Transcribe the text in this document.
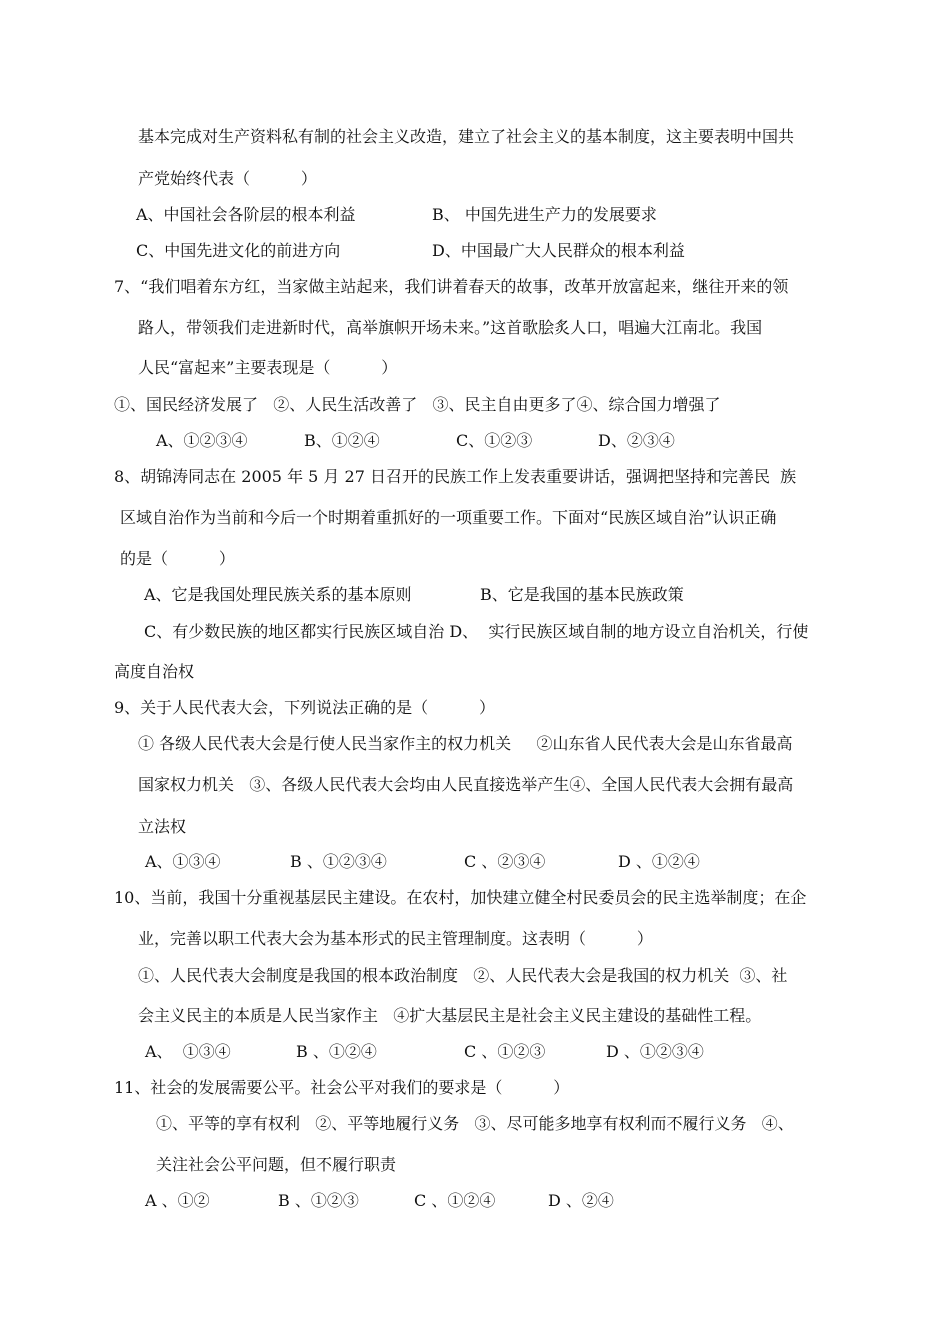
基本完成对生产资料私有制的社会主义改造，建立了社会主义的基本制度，这主要表明中国共
产党始终代表（          ）
A、中国社会各阶层的根本利益	B、 中国先进生产力的发展要求
C、中国先进文化的前进方向	D、中国最广大人民群众的根本利益
7、“我们唱着东方红，当家做主站起来，我们讲着春天的故事，改革开放富起来，继往开来的领
路人，带领我们走进新时代，高举旗帜开场未来。”这首歌脍炙人口，唱遍大江南北。我国
人民“富起来”主要表现是（          ）
①、国民经济发展了   ②、人民生活改善了   ③、民主自由更多了④、综合国力增强了
A、①②③④	B、①②④	C、①②③	D、②③④
8、胡锦涛同志在 2005 年 5 月 27 日召开的民族工作上发表重要讲话，强调把坚持和完善民  族
区域自治作为当前和今后一个时期着重抓好的一项重要工作。下面对“民族区域自治”认识正确
的是（          ）
A、它是我国处理民族关系的基本原则	B、它是我国的基本民族政策
C、有少数民族的地区都实行民族区域自治 D、  实行民族区域自制的地方设立自治机关，行使
高度自治权
9、关于人民代表大会，下列说法正确的是（          ）
① 各级人民代表大会是行使人民当家作主的权力机关     ②山东省人民代表大会是山东省最高
国家权力机关   ③、各级人民代表大会均由人民直接选举产生④、全国人民代表大会拥有最高
立法权
A、①③④	B 、①②③④	C 、②③④	D 、①②④
10、当前，我国十分重视基层民主建设。在农村，加快建立健全村民委员会的民主选举制度；在企
业，完善以职工代表大会为基本形式的民主管理制度。这表明（          ）
①、人民代表大会制度是我国的根本政治制度   ②、人民代表大会是我国的权力机关  ③、社
会主义民主的本质是人民当家作主   ④扩大基层民主是社会主义民主建设的基础性工程。
A、  ①③④	B 、①②④	C 、①②③	D 、①②③④
11、社会的发展需要公平。社会公平对我们的要求是（          ）
①、平等的享有权利   ②、平等地履行义务   ③、尽可能多地享有权利而不履行义务   ④、
关注社会公平问题，但不履行职责
A 、①②	B 、①②③	C 、①②④	D 、②④
